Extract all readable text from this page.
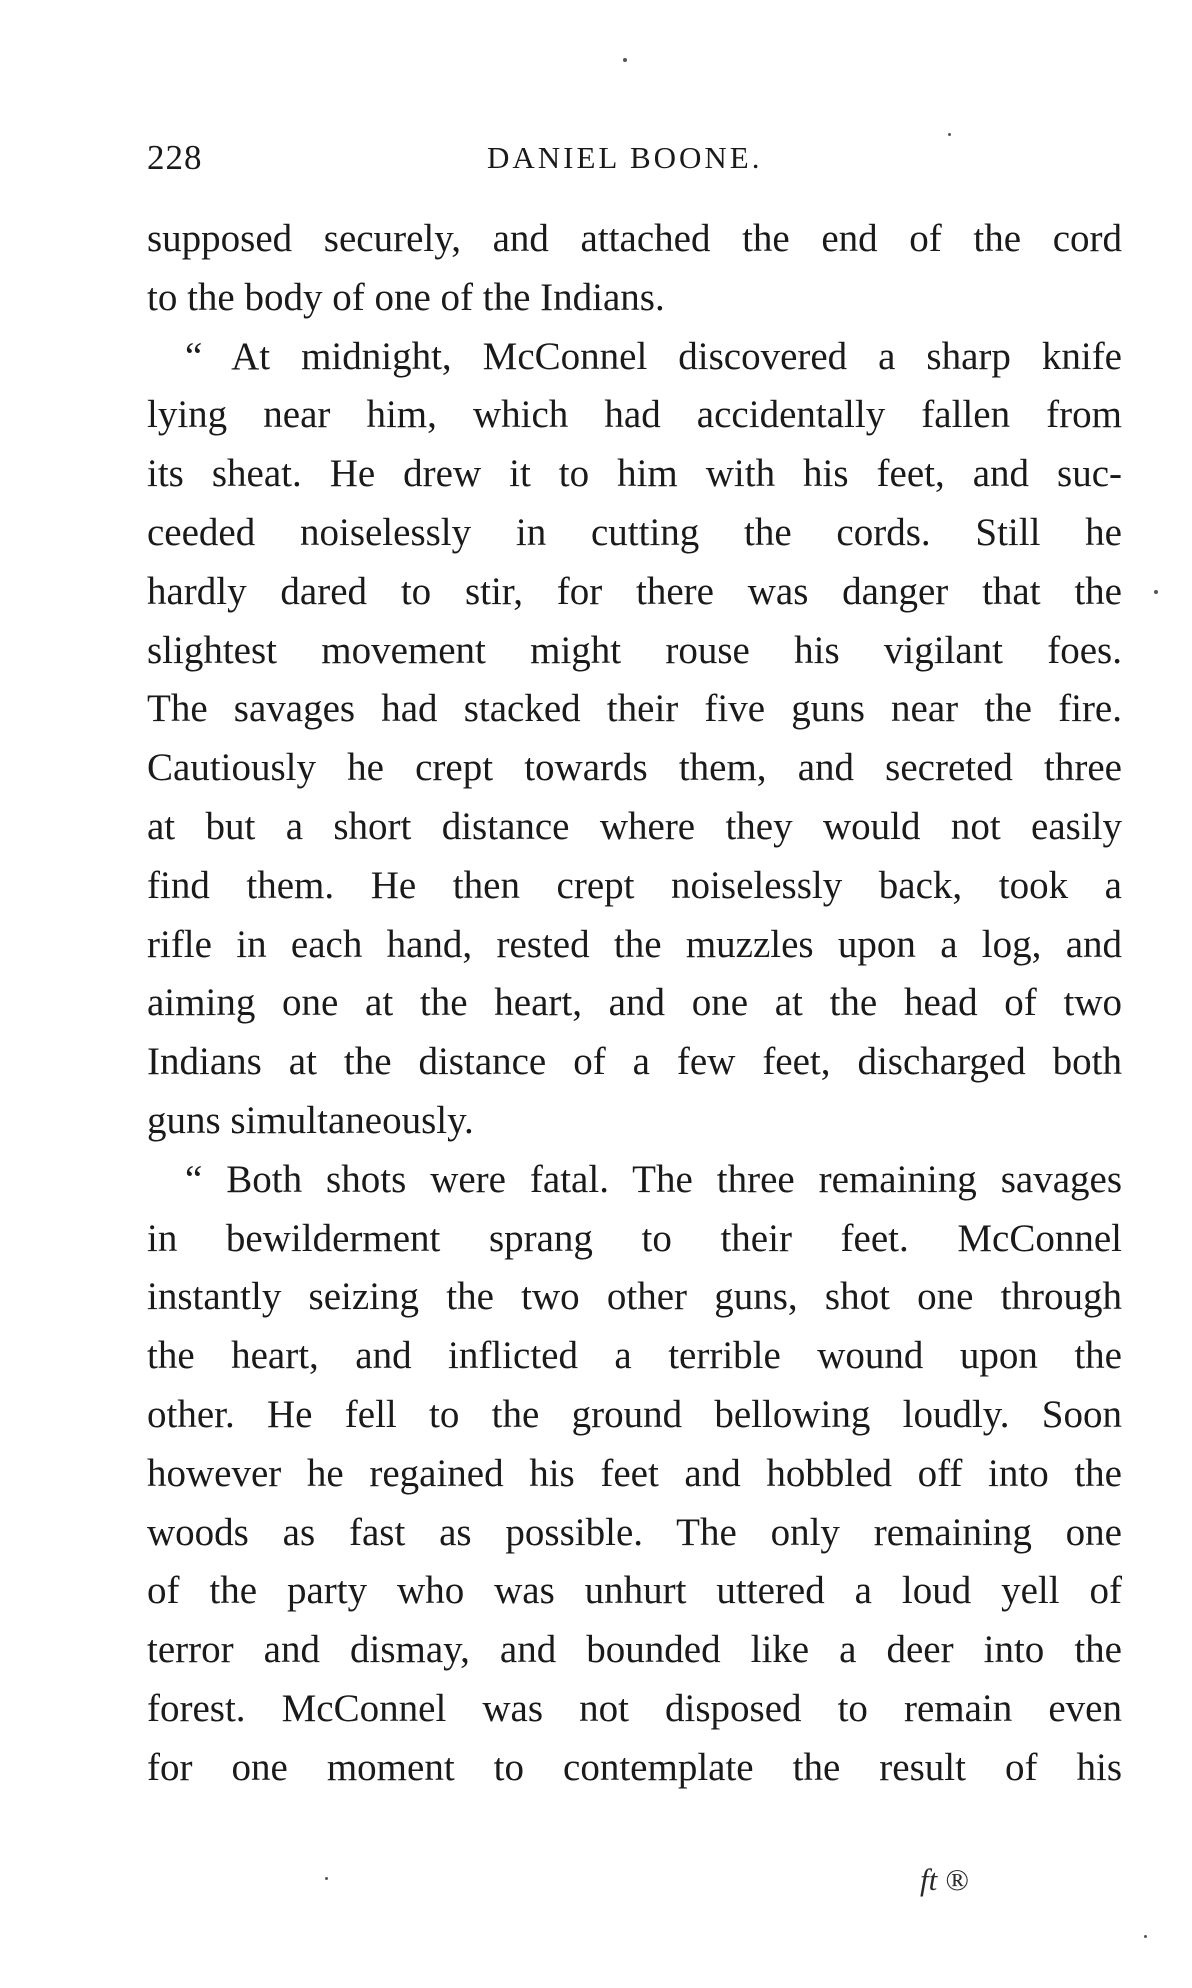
228	DANIEL BOONE.
supposed securely, and attached the end of the cord
to the body of one of the Indians.
“ At midnight, McConnel discovered a sharp knife
lying near him, which had accidentally fallen from
its sheat. He drew it to him with his feet, and suc-
ceeded noiselessly in cutting the cords. Still he
hardly dared to stir, for there was danger that the
slightest movement might rouse his vigilant foes.
The savages had stacked their five guns near the fire.
Cautiously he crept towards them, and secreted three
at but a short distance where they would not easily
find them. He then crept noiselessly back, took a
rifle in each hand, rested the muzzles upon a log, and
aiming one at the heart, and one at the head of two
Indians at the distance of a few feet, discharged both
guns simultaneously.
“ Both shots were fatal. The three remaining savages
in bewilderment sprang to their feet. McConnel
instantly seizing the two other guns, shot one through
the heart, and inflicted a terrible wound upon the
other. He fell to the ground bellowing loudly. Soon
however he regained his feet and hobbled off into the
woods as fast as possible. The only remaining one
of the party who was unhurt uttered a loud yell of
terror and dismay, and bounded like a deer into the
forest. McConnel was not disposed to remain even
for one moment to contemplate the result of his
ft ®
